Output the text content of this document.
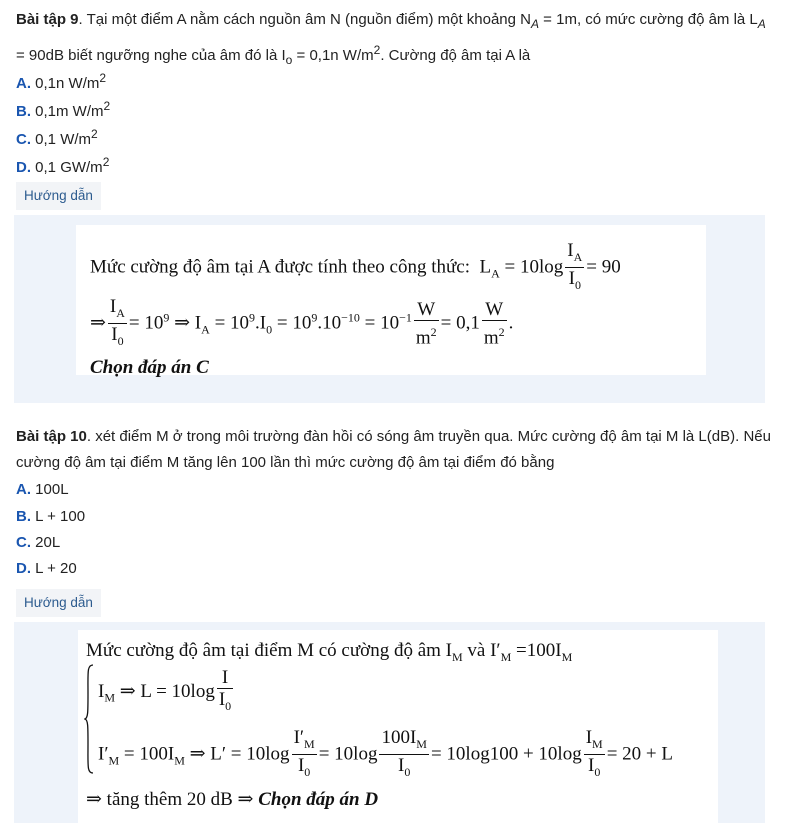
Bài tập 9. Tại một điểm A nằm cách nguồn âm N (nguồn điểm) một khoảng $N_A = 1m$, có mức cường độ âm là $L_A = 90dB$ biết ngưỡng nghe của âm đó là $I_o = 0,1n$ $W/m^2$. Cường độ âm tại A là
A. 0,1n $W/m^2$
B. 0,1m $W/m^2$
C. 0,1 $W/m^2$
D. 0,1 $GW/m^2$
Hướng dẫn
Mức cường độ âm tại A được tính theo công thức: $L_A = 10\log \frac{I_A}{I_0} = 90$
⇒ $\frac{I_A}{I_0} = 10^9$ ⇒ $I_A = 10^9.I_0 = 10^9.10^{-10} = 10^{-1} \frac{W}{m^2} = 0,1 \frac{W}{m^2}$ .
Chọn đáp án C
Bài tập 10. xét điểm M ở trong môi trường đàn hồi có sóng âm truyền qua. Mức cường độ âm tại M là L(dB). Nếu cường độ âm tại điểm M tăng lên 100 lần thì mức cường độ âm tại điểm đó bằng
A. 100L
B. L + 100
C. 20L
D. L + 20
Hướng dẫn
Mức cường độ âm tại điểm M có cường độ âm $I_M$ và $I'_M =100I_M$
$I_M$ ⇒ $L = 10\log \frac{I}{I_0}$
$I'_M = 100I_M$ ⇒ $L' = 10\log \frac{I'_M}{I_0} = 10\log \frac{100I_M}{I_0} = 10\log 100 + 10\log \frac{I_M}{I_0} = 20 + L$
⇒ tăng thêm 20 dB ⇒ Chọn đáp án D
